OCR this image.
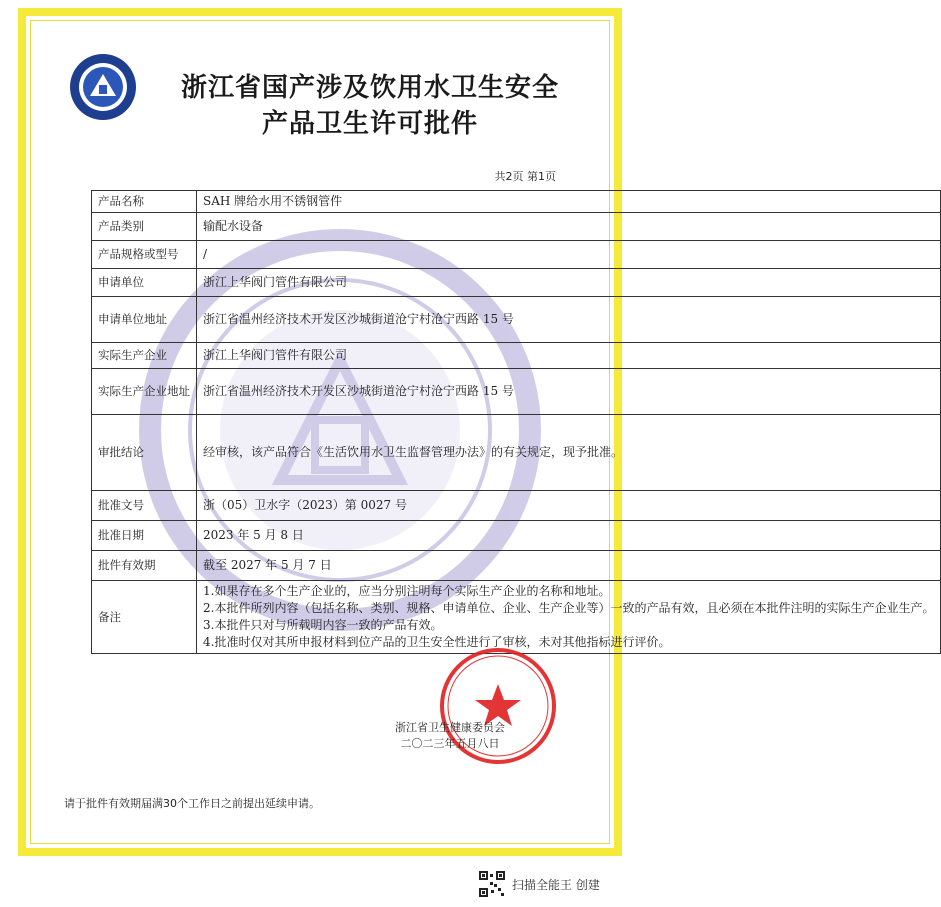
浙江省国产涉及饮用水卫生安全
产品卫生许可批件
共2页 第1页
产品名称	SAH 牌给水用不锈钢管件
产品类别	输配水设备
产品规格或型号	/
申请单位	浙江上华阀门管件有限公司
申请单位地址	浙江省温州经济技术开发区沙城街道沧宁村沧宁西路 15 号
实际生产企业	浙江上华阀门管件有限公司
实际生产企业地址	浙江省温州经济技术开发区沙城街道沧宁村沧宁西路 15 号
审批结论	经审核，该产品符合《生活饮用水卫生监督管理办法》的有关规定，现予批准。
批准文号	浙（05）卫水字（2023）第 0027 号
批准日期	2023 年 5 月 8 日
批件有效期	截至 2027 年 5 月 7 日
备注	1.如果存在多个生产企业的，应当分别注明每个实际生产企业的名称和地址。
2.本批件所列内容（包括名称、类别、规格、申请单位、企业、生产企业等）一致的产品有效，且必须在本批件注明的实际生产企业生产。
3.本批件只对与所载明内容一致的产品有效。
4.批准时仅对其所申报材料到位产品的卫生安全性进行了审核，未对其他指标进行评价。
浙江省卫生健康委员会
二〇二三年五月八日
请于批件有效期届满30个工作日之前提出延续申请。
扫描全能王 创建
